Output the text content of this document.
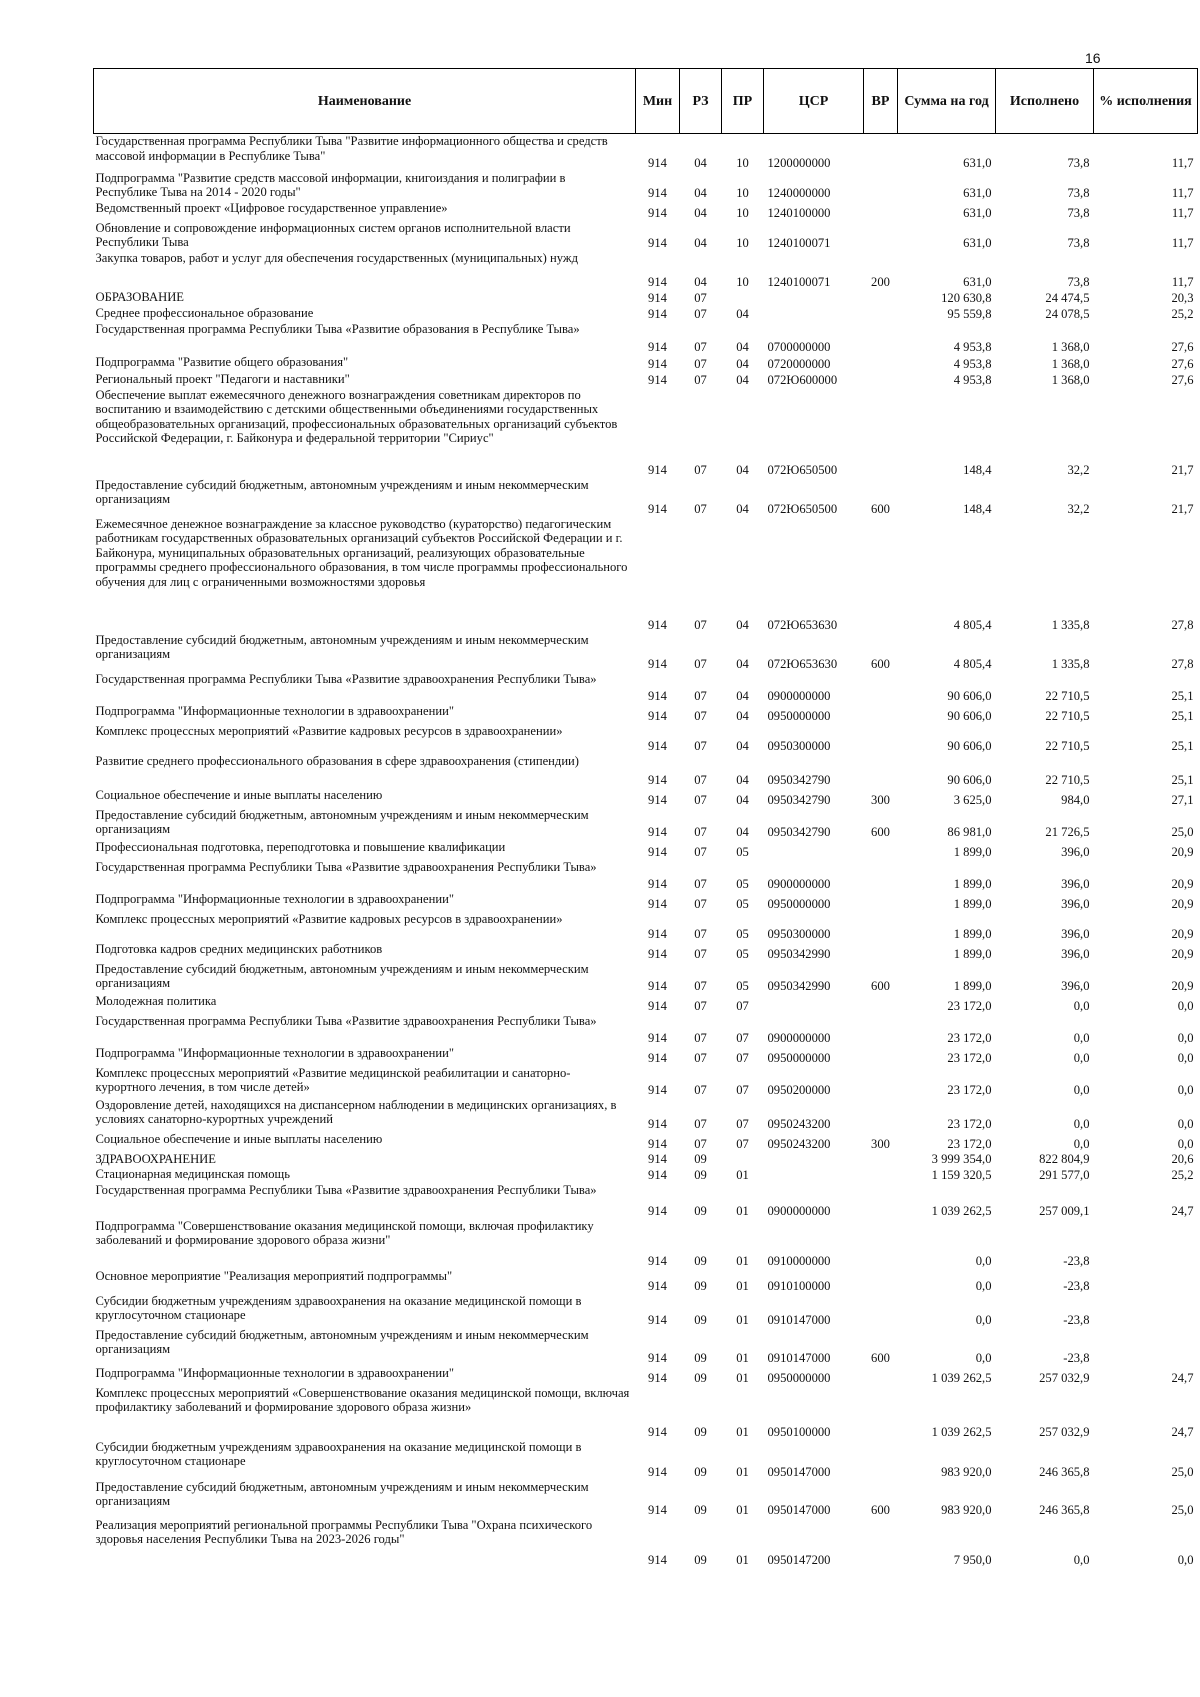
16
Наименование	Мин	РЗ	ПР	ЦСР	ВР	Сумма на год	Исполнено	% исполнения
Государственная программа Республики Тыва "Развитие информационного общества и средств массовой информации в Республике Тыва"	914	04	10	1200000000		631,0	73,8	11,7
Подпрограмма "Развитие средств массовой информации, книгоиздания и полиграфии в Республике Тыва на 2014 - 2020 годы"	914	04	10	1240000000		631,0	73,8	11,7
Ведомственный проект «Цифровое государственное управление»	914	04	10	1240100000		631,0	73,8	11,7
Обновление и сопровождение информационных систем органов исполнительной власти Республики Тыва	914	04	10	1240100071		631,0	73,8	11,7
Закупка товаров, работ и услуг для обеспечения государственных (муниципальных) нужд	914	04	10	1240100071	200	631,0	73,8	11,7
ОБРАЗОВАНИЕ	914	07				120 630,8	24 474,5	20,3
Среднее профессиональное образование	914	07	04			95 559,8	24 078,5	25,2
Государственная программа Республики Тыва «Развитие образования в Республике Тыва»	914	07	04	0700000000		4 953,8	1 368,0	27,6
Подпрограмма "Развитие общего образования"	914	07	04	0720000000		4 953,8	1 368,0	27,6
Региональный проект "Педагоги и наставники"	914	07	04	072Ю600000		4 953,8	1 368,0	27,6
Обеспечение выплат ежемесячного денежного вознаграждения советникам директоров по воспитанию и взаимодействию с детскими общественными объединениями государственных общеобразовательных организаций, профессиональных образовательных организаций субъектов Российской Федерации, г. Байконура и федеральной территории "Сириус"	914	07	04	072Ю650500		148,4	32,2	21,7
Предоставление субсидий бюджетным, автономным учреждениям и иным некоммерческим организациям	914	07	04	072Ю650500	600	148,4	32,2	21,7
Ежемесячное денежное вознаграждение за классное руководство (кураторство) педагогическим работникам государственных образовательных организаций субъектов Российской Федерации и г. Байконура, муниципальных образовательных организаций, реализующих образовательные программы среднего профессионального образования, в том числе программы профессионального обучения для лиц с ограниченными возможностями здоровья	914	07	04	072Ю653630		4 805,4	1 335,8	27,8
Предоставление субсидий бюджетным, автономным учреждениям и иным некоммерческим организациям	914	07	04	072Ю653630	600	4 805,4	1 335,8	27,8
Государственная программа Республики Тыва «Развитие здравоохранения Республики Тыва»	914	07	04	0900000000		90 606,0	22 710,5	25,1
Подпрограмма "Информационные технологии в здравоохранении"	914	07	04	0950000000		90 606,0	22 710,5	25,1
Комплекс процессных мероприятий «Развитие кадровых ресурсов в здравоохранении»	914	07	04	0950300000		90 606,0	22 710,5	25,1
Развитие среднего профессионального образования в сфере здравоохранения (стипендии)	914	07	04	0950342790		90 606,0	22 710,5	25,1
Социальное обеспечение и иные выплаты населению	914	07	04	0950342790	300	3 625,0	984,0	27,1
Предоставление субсидий бюджетным, автономным учреждениям и иным некоммерческим организациям	914	07	04	0950342790	600	86 981,0	21 726,5	25,0
Профессиональная подготовка, переподготовка и повышение квалификации	914	07	05			1 899,0	396,0	20,9
Государственная программа Республики Тыва «Развитие здравоохранения Республики Тыва»	914	07	05	0900000000		1 899,0	396,0	20,9
Подпрограмма "Информационные технологии в здравоохранении"	914	07	05	0950000000		1 899,0	396,0	20,9
Комплекс процессных мероприятий «Развитие кадровых ресурсов в здравоохранении»	914	07	05	0950300000		1 899,0	396,0	20,9
Подготовка кадров средних медицинских работников	914	07	05	0950342990		1 899,0	396,0	20,9
Предоставление субсидий бюджетным, автономным учреждениям и иным некоммерческим организациям	914	07	05	0950342990	600	1 899,0	396,0	20,9
Молодежная политика	914	07	07			23 172,0	0,0	0,0
Государственная программа Республики Тыва «Развитие здравоохранения Республики Тыва»	914	07	07	0900000000		23 172,0	0,0	0,0
Подпрограмма "Информационные технологии в здравоохранении"	914	07	07	0950000000		23 172,0	0,0	0,0
Комплекс процессных мероприятий «Развитие медицинской реабилитации и санаторно-курортного лечения, в том числе детей»	914	07	07	0950200000		23 172,0	0,0	0,0
Оздоровление детей, находящихся на диспансерном наблюдении в медицинских организациях, в условиях санаторно-курортных учреждений	914	07	07	0950243200		23 172,0	0,0	0,0
Социальное обеспечение и иные выплаты населению	914	07	07	0950243200	300	23 172,0	0,0	0,0
ЗДРАВООХРАНЕНИЕ	914	09				3 999 354,0	822 804,9	20,6
Стационарная медицинская помощь	914	09	01			1 159 320,5	291 577,0	25,2
Государственная программа Республики Тыва «Развитие здравоохранения Республики Тыва»	914	09	01	0900000000		1 039 262,5	257 009,1	24,7
Подпрограмма "Совершенствование оказания медицинской помощи, включая профилактику заболеваний и формирование здорового образа жизни"	914	09	01	0910000000		0,0	-23,8	
Основное мероприятие "Реализация мероприятий подпрограммы"	914	09	01	0910100000		0,0	-23,8	
Субсидии бюджетным учреждениям здравоохранения на оказание медицинской помощи в круглосуточном стационаре	914	09	01	0910147000		0,0	-23,8	
Предоставление субсидий бюджетным, автономным учреждениям и иным некоммерческим организациям	914	09	01	0910147000	600	0,0	-23,8	
Подпрограмма "Информационные технологии в здравоохранении"	914	09	01	0950000000		1 039 262,5	257 032,9	24,7
Комплекс процессных мероприятий «Совершенствование оказания медицинской помощи, включая профилактику заболеваний и формирование здорового образа жизни»	914	09	01	0950100000		1 039 262,5	257 032,9	24,7
Субсидии бюджетным учреждениям здравоохранения на оказание медицинской помощи в круглосуточном стационаре	914	09	01	0950147000		983 920,0	246 365,8	25,0
Предоставление субсидий бюджетным, автономным учреждениям и иным некоммерческим организациям	914	09	01	0950147000	600	983 920,0	246 365,8	25,0
Реализация мероприятий региональной программы Республики Тыва "Охрана психического здоровья населения Республики Тыва на 2023-2026 годы"	914	09	01	0950147200		7 950,0	0,0	0,0
